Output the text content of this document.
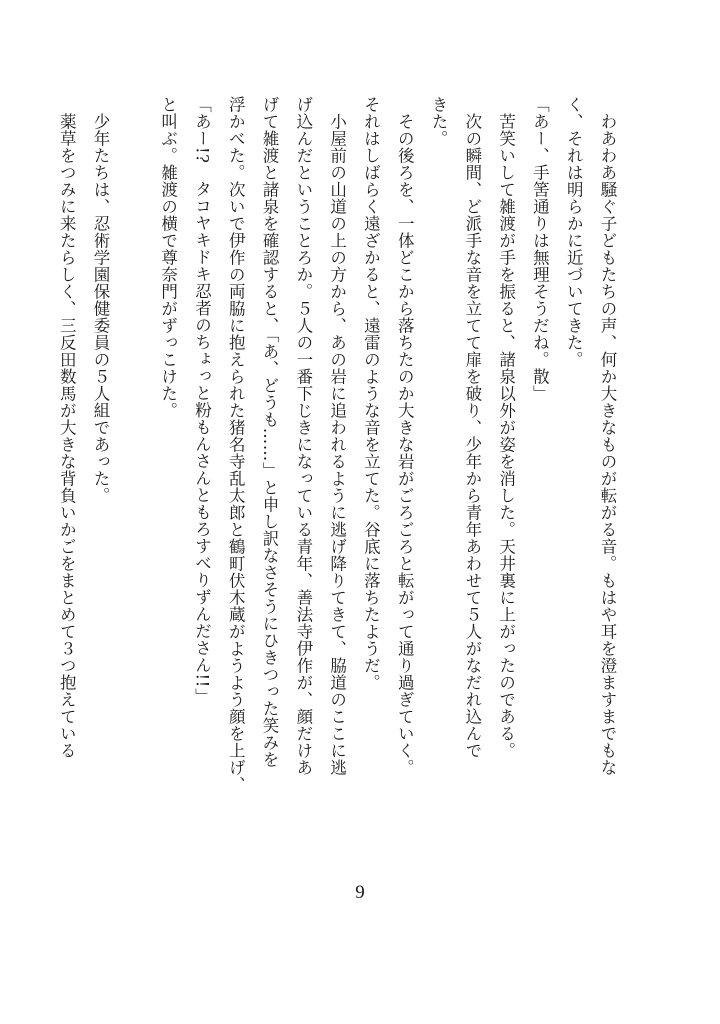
　わあわあ騒ぐ子どもたちの声、何か大きなものが転がる音。もはや耳を澄ますまでもな
く、それは明らかに近づいてきた。
「あー、手筈通りは無理そうだね。散」
　苦笑いして雑渡が手を振ると、諸泉以外が姿を消した。天井裏に上がったのである。
　次の瞬間、ど派手な音を立てて扉を破り、少年から青年あわせて５人がなだれ込んで
きた。
　その後ろを、一体どこから落ちたのか大きな岩がごろごろと転がって通り過ぎていく。
それはしばらく遠ざかると、遠雷のような音を立てた。谷底に落ちたようだ。
　小屋前の山道の上の方から、あの岩に追われるように逃げ降りてきて、脇道のここに逃
げ込んだということろか。５人の一番下じきになっている青年、善法寺伊作が、顔だけあ
げて雑渡と諸泉を確認すると、「あ、どうも……」と申し訳なさそうにひきつった笑みを
浮かべた。次いで伊作の両脇に抱えられた猪名寺乱太郎と鶴町伏木蔵がようよう顔を上げ、
「あー!?　タコヤキドキ忍者のちょっと粉もんさんともろすべりずんださん!!」
と叫ぶ。雑渡の横で尊奈門がずっこけた。
　少年たちは、忍術学園保健委員の５人組であった。
　薬草をつみに来たらしく、三反田数馬が大きな背負いかごをまとめて３つ抱えている
9
